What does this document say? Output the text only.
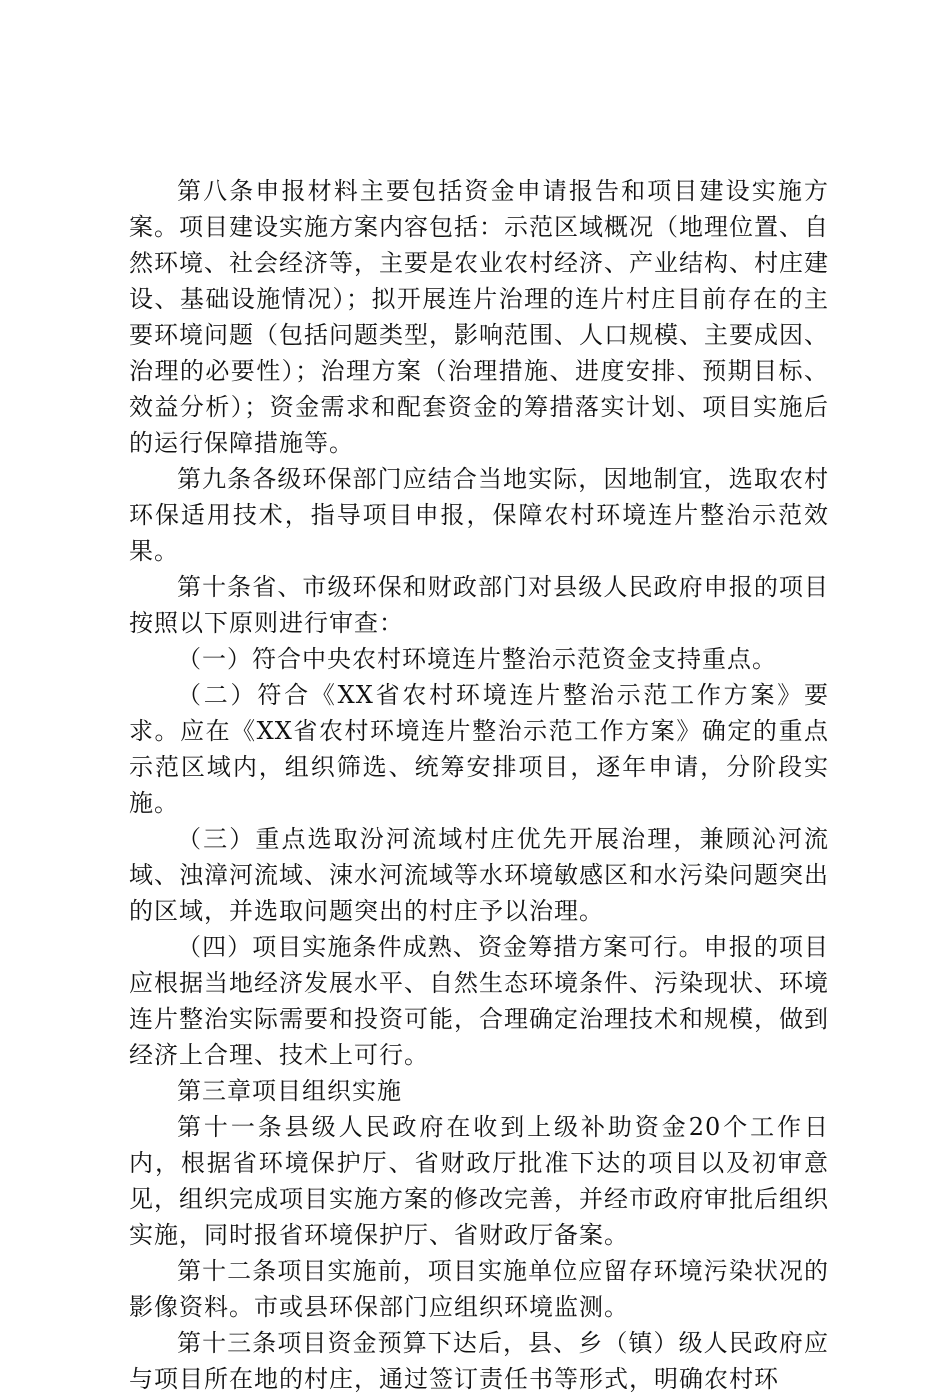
第八条申报材料主要包括资金申请报告和项目建设实施方案。项目建设实施方案内容包括：示范区域概况（地理位置、自然环境、社会经济等，主要是农业农村经济、产业结构、村庄建设、基础设施情况）；拟开展连片治理的连片村庄目前存在的主要环境问题（包括问题类型，影响范围、人口规模、主要成因、治理的必要性）；治理方案（治理措施、进度安排、预期目标、效益分析）；资金需求和配套资金的筹措落实计划、项目实施后的运行保障措施等。

第九条各级环保部门应结合当地实际，因地制宜，选取农村环保适用技术，指导项目申报，保障农村环境连片整治示范效果。

第十条省、市级环保和财政部门对县级人民政府申报的项目按照以下原则进行审查：

（一）符合中央农村环境连片整治示范资金支持重点。

（二）符合《XX省农村环境连片整治示范工作方案》要求。应在《XX省农村环境连片整治示范工作方案》确定的重点示范区域内，组织筛选、统筹安排项目，逐年申请，分阶段实施。

（三）重点选取汾河流域村庄优先开展治理，兼顾沁河流域、浊漳河流域、涑水河流域等水环境敏感区和水污染问题突出的区域，并选取问题突出的村庄予以治理。

（四）项目实施条件成熟、资金筹措方案可行。申报的项目应根据当地经济发展水平、自然生态环境条件、污染现状、环境连片整治实际需要和投资可能，合理确定治理技术和规模，做到经济上合理、技术上可行。

第三章项目组织实施

第十一条县级人民政府在收到上级补助资金20个工作日内，根据省环境保护厅、省财政厅批准下达的项目以及初审意见，组织完成项目实施方案的修改完善，并经市政府审批后组织实施，同时报省环境保护厅、省财政厅备案。

第十二条项目实施前，项目实施单位应留存环境污染状况的影像资料。市或县环保部门应组织环境监测。

第十三条项目资金预算下达后，县、乡（镇）级人民政府应与项目所在地的村庄，通过签订责任书等形式，明确农村环
